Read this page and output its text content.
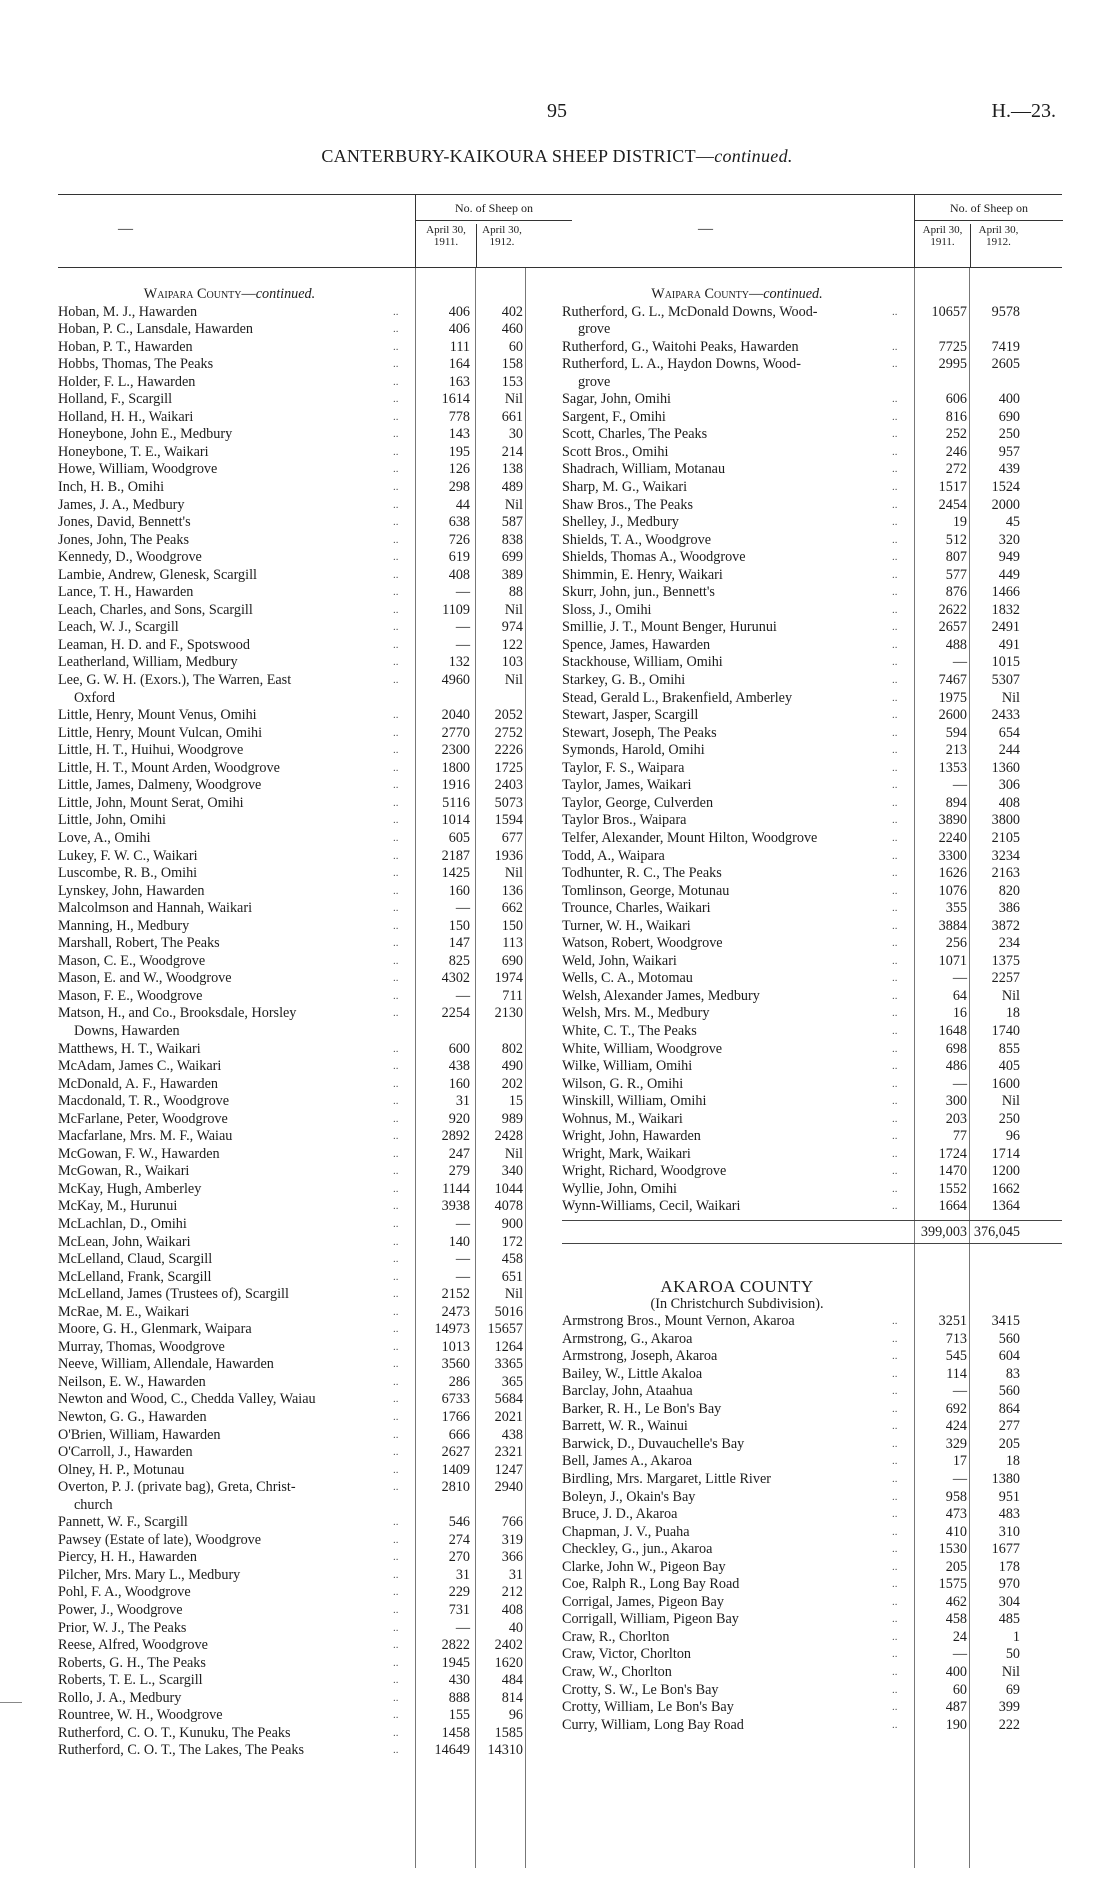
95	H.—23.
CANTERBURY-KAIKOURA SHEEP DISTRICT—continued.
—
No. of Sheep on
April 30, 1911.
April 30, 1912.
Waipara County—continued.
Hoban, M. J., Hawarden	..	406	402
Hoban, P. C., Lansdale, Hawarden	..	406	460
Hoban, P. T., Hawarden	..	111	60
Hobbs, Thomas, The Peaks	..	164	158
Holder, F. L., Hawarden	..	163	153
Holland, F., Scargill	..	1614	Nil
Holland, H. H., Waikari	..	778	661
Honeybone, John E., Medbury	..	143	30
Honeybone, T. E., Waikari	..	195	214
Howe, William, Woodgrove	..	126	138
Inch, H. B., Omihi	..	298	489
James, J. A., Medbury	..	44	Nil
Jones, David, Bennett's	..	638	587
Jones, John, The Peaks	..	726	838
Kennedy, D., Woodgrove	..	619	699
Lambie, Andrew, Glenesk, Scargill	..	408	389
Lance, T. H., Hawarden	..	—	88
Leach, Charles, and Sons, Scargill	..	1109	Nil
Leach, W. J., Scargill	..	—	974
Leaman, H. D. and F., Spotswood	..	—	122
Leatherland, William, Medbury	..	132	103
Lee, G. W. H. (Exors.), The Warren, East	..	4960	Nil
Oxford
Little, Henry, Mount Venus, Omihi	..	2040	2052
Little, Henry, Mount Vulcan, Omihi	..	2770	2752
Little, H. T., Huihui, Woodgrove	..	2300	2226
Little, H. T., Mount Arden, Woodgrove	..	1800	1725
Little, James, Dalmeny, Woodgrove	..	1916	2403
Little, John, Mount Serat, Omihi	..	5116	5073
Little, John, Omihi	..	1014	1594
Love, A., Omihi	..	605	677
Lukey, F. W. C., Waikari	..	2187	1936
Luscombe, R. B., Omihi	..	1425	Nil
Lynskey, John, Hawarden	..	160	136
Malcolmson and Hannah, Waikari	..	—	662
Manning, H., Medbury	..	150	150
Marshall, Robert, The Peaks	..	147	113
Mason, C. E., Woodgrove	..	825	690
Mason, E. and W., Woodgrove	..	4302	1974
Mason, F. E., Woodgrove	..	—	711
Matson, H., and Co., Brooksdale, Horsley	..	2254	2130
Downs, Hawarden
Matthews, H. T., Waikari	..	600	802
McAdam, James C., Waikari	..	438	490
McDonald, A. F., Hawarden	..	160	202
Macdonald, T. R., Woodgrove	..	31	15
McFarlane, Peter, Woodgrove	..	920	989
Macfarlane, Mrs. M. F., Waiau	..	2892	2428
McGowan, F. W., Hawarden	..	247	Nil
McGowan, R., Waikari	..	279	340
McKay, Hugh, Amberley	..	1144	1044
McKay, M., Hurunui	..	3938	4078
McLachlan, D., Omihi	..	—	900
McLean, John, Waikari	..	140	172
McLelland, Claud, Scargill	..	—	458
McLelland, Frank, Scargill	..	—	651
McLelland, James (Trustees of), Scargill	..	2152	Nil
McRae, M. E., Waikari	..	2473	5016
Moore, G. H., Glenmark, Waipara	..	14973	15657
Murray, Thomas, Woodgrove	..	1013	1264
Neeve, William, Allendale, Hawarden	..	3560	3365
Neilson, E. W., Hawarden	..	286	365
Newton and Wood, C., Chedda Valley, Waiau	..	6733	5684
Newton, G. G., Hawarden	..	1766	2021
O'Brien, William, Hawarden	..	666	438
O'Carroll, J., Hawarden	..	2627	2321
Olney, H. P., Motunau	..	1409	1247
Overton, P. J. (private bag), Greta, Christ-	..	2810	2940
church
Pannett, W. F., Scargill	..	546	766
Pawsey (Estate of late), Woodgrove	..	274	319
Piercy, H. H., Hawarden	..	270	366
Pilcher, Mrs. Mary L., Medbury	..	31	31
Pohl, F. A., Woodgrove	..	229	212
Power, J., Woodgrove	..	731	408
Prior, W. J., The Peaks	..	—	40
Reese, Alfred, Woodgrove	..	2822	2402
Roberts, G. H., The Peaks	..	1945	1620
Roberts, T. E. L., Scargill	..	430	484
Rollo, J. A., Medbury	..	888	814
Rountree, W. H., Woodgrove	..	155	96
Rutherford, C. O. T., Kunuku, The Peaks	..	1458	1585
Rutherford, C. O. T., The Lakes, The Peaks	..	14649	14310
—
No. of Sheep on
April 30, 1911.
April 30, 1912.
Waipara County—continued.
Rutherford, G. L., McDonald Downs, Wood-	..	10657	9578
grove
Rutherford, G., Waitohi Peaks, Hawarden	..	7725	7419
Rutherford, L. A., Haydon Downs, Wood-	..	2995	2605
grove
Sagar, John, Omihi	..	606	400
Sargent, F., Omihi	..	816	690
Scott, Charles, The Peaks	..	252	250
Scott Bros., Omihi	..	246	957
Shadrach, William, Motanau	..	272	439
Sharp, M. G., Waikari	..	1517	1524
Shaw Bros., The Peaks	..	2454	2000
Shelley, J., Medbury	..	19	45
Shields, T. A., Woodgrove	..	512	320
Shields, Thomas A., Woodgrove	..	807	949
Shimmin, E. Henry, Waikari	..	577	449
Skurr, John, jun., Bennett's	..	876	1466
Sloss, J., Omihi	..	2622	1832
Smillie, J. T., Mount Benger, Hurunui	..	2657	2491
Spence, James, Hawarden	..	488	491
Stackhouse, William, Omihi	..	—	1015
Starkey, G. B., Omihi	..	7467	5307
Stead, Gerald L., Brakenfield, Amberley	..	1975	Nil
Stewart, Jasper, Scargill	..	2600	2433
Stewart, Joseph, The Peaks	..	594	654
Symonds, Harold, Omihi	..	213	244
Taylor, F. S., Waipara	..	1353	1360
Taylor, James, Waikari	..	—	306
Taylor, George, Culverden	..	894	408
Taylor Bros., Waipara	..	3890	3800
Telfer, Alexander, Mount Hilton, Woodgrove	..	2240	2105
Todd, A., Waipara	..	3300	3234
Todhunter, R. C., The Peaks	..	1626	2163
Tomlinson, George, Motunau	..	1076	820
Trounce, Charles, Waikari	..	355	386
Turner, W. H., Waikari	..	3884	3872
Watson, Robert, Woodgrove	..	256	234
Weld, John, Waikari	..	1071	1375
Wells, C. A., Motomau	..	—	2257
Welsh, Alexander James, Medbury	..	64	Nil
Welsh, Mrs. M., Medbury	..	16	18
White, C. T., The Peaks	..	1648	1740
White, William, Woodgrove	..	698	855
Wilke, William, Omihi	..	486	405
Wilson, G. R., Omihi	..	—	1600
Winskill, William, Omihi	..	300	Nil
Wohnus, M., Waikari	..	203	250
Wright, John, Hawarden	..	77	96
Wright, Mark, Waikari	..	1724	1714
Wright, Richard, Woodgrove	..	1470	1200
Wyllie, John, Omihi	..	1552	1662
Wynn-Williams, Cecil, Waikari	..	1664	1364
399,003 376,045
AKAROA COUNTY
(In Christchurch Subdivision).
Armstrong Bros., Mount Vernon, Akaroa	..	3251	3415
Armstrong, G., Akaroa	..	713	560
Armstrong, Joseph, Akaroa	..	545	604
Bailey, W., Little Akaloa	..	114	83
Barclay, John, Ataahua	..	—	560
Barker, R. H., Le Bon's Bay	..	692	864
Barrett, W. R., Wainui	..	424	277
Barwick, D., Duvauchelle's Bay	..	329	205
Bell, James A., Akaroa	..	17	18
Birdling, Mrs. Margaret, Little River	..	—	1380
Boleyn, J., Okain's Bay	..	958	951
Bruce, J. D., Akaroa	..	473	483
Chapman, J. V., Puaha	..	410	310
Checkley, G., jun., Akaroa	..	1530	1677
Clarke, John W., Pigeon Bay	..	205	178
Coe, Ralph R., Long Bay Road	..	1575	970
Corrigal, James, Pigeon Bay	..	462	304
Corrigall, William, Pigeon Bay	..	458	485
Craw, R., Chorlton	..	24	1
Craw, Victor, Chorlton	..	—	50
Craw, W., Chorlton	..	400	Nil
Crotty, S. W., Le Bon's Bay	..	60	69
Crotty, William, Le Bon's Bay	..	487	399
Curry, William, Long Bay Road	..	190	222
